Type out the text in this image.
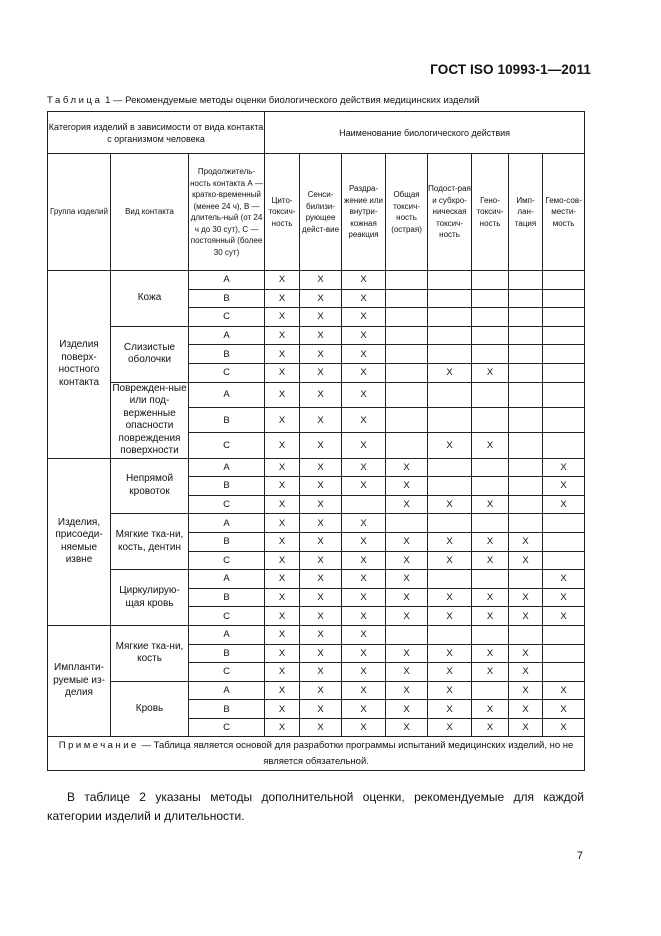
ГОСТ ISO 10993-1—2011
Таблица 1 — Рекомендуемые методы оценки биологического действия медицинских изделий
Категория изделий в зависимости от вида контакта с организмом человека			Наименование биологического действия							
Группа изделий	Вид контакта	Продолжитель-ность контакта А — кратко-временный (менее 24 ч), В — длитель-ный (от 24 ч до 30 сут), С — постоянный (более 30 сут)	Цито-токсич-ность	Сенси-билизи-рующее дейст-вие	Раздра-жение или внутри-кожная реакция	Общая токсич-ность (острая)	Подост-рая и субхро-ническая токсич-ность	Гено-токсич-ность	Имп-лан-тация	Гемо-сов-мести-мость
Изделия поверх-ностного контакта	Кожа	A	X	X	X					
		B	X	X	X					
		C	X	X	X					
	Слизистые оболочки	A	X	X	X					
		B	X	X	X					
		C	X	X	X		X	X		
	Поврежден-ные или под-верженные опасности повреждения поверхности	A	X	X	X					
		B	X	X	X					
		C	X	X	X		X	X		
Изделия, присоеди-няемые извне	Непрямой кровоток	A	X	X	X	X				X
		B	X	X	X	X				X
		C	X	X		X	X	X		X
	Мягкие тка-ни, кость, дентин	A	X	X	X					
		B	X	X	X	X	X	X	X	
		C	X	X	X	X	X	X	X	
	Циркулирую-щая кровь	A	X	X	X	X				X
		B	X	X	X	X	X	X	X	X
		C	X	X	X	X	X	X	X	X
Импланти-руемые из-делия	Мягкие тка-ни, кость	A	X	X	X					
		B	X	X	X	X	X	X	X	
		C	X	X	X	X	X	X	X	
	Кровь	A	X	X	X	X	X		X	X
		B	X	X	X	X	X	X	X	X
		C	X	X	X	X	X	X	X	X
Примечание — Таблица является основой для разработки программы испытаний медицинских изделий, но не является обязательной.										
В таблице 2 указаны методы дополнительной оценки, рекомендуемые для каждой категории изделий и длительности.
7
